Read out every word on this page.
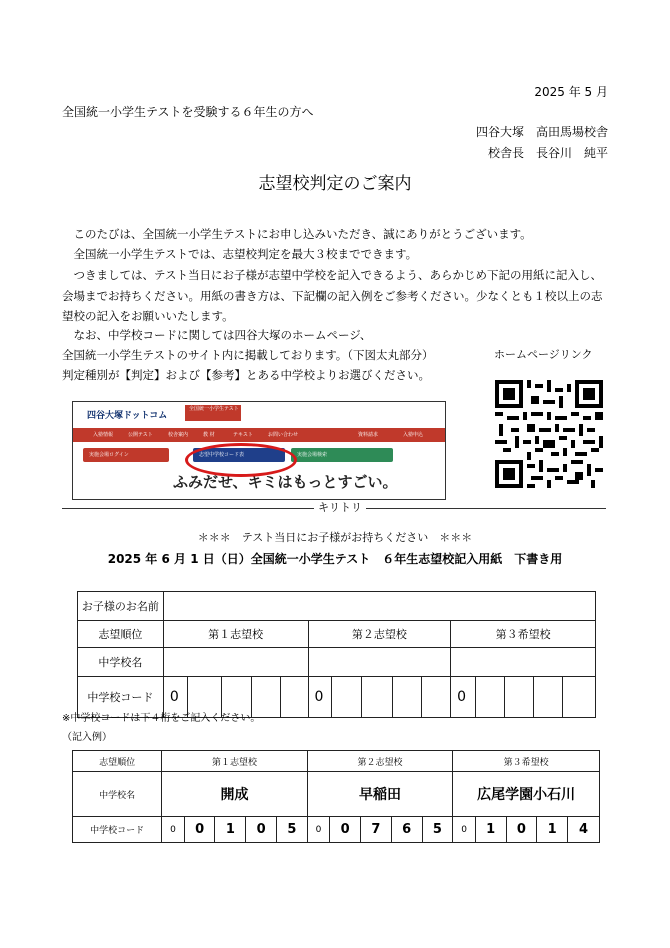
2025 年 5 月
全国統一小学生テストを受験する６年生の方へ
四谷大塚　高田馬場校舎
校舎長　長谷川　純平
志望校判定のご案内
　このたびは、全国統一小学生テストにお申し込みいただき、誠にありがとうございます。
　全国統一小学生テストでは、志望校判定を最大３校までできます。
　つきましては、テスト当日にお子様が志望中学校を記入できるよう、あらかじめ下記の用紙に記入し、
会場までお持ちください。用紙の書き方は、下記欄の記入例をご参考ください。少なくとも１校以上の志
望校の記入をお願いいたします。
　なお、中学校コードに関しては四谷大塚のホームページ、
全国統一小学生テストのサイト内に掲載しております。（下図太丸部分）
判定種別が【判定】および【参考】とある中学校よりお選びください。
ホームページリンク
四谷大塚ドットコム
全国統一小学生テスト
入塾情報	公開テスト	校舎案内	教 材	テキスト	お問い合わせ	資料請求	入塾申込
実施会場ログイン	志望中学校コード表	実施会場検索
ふみだせ、キミはもっとすごい。
キリトリ
＊＊＊　テスト当日にお子様がお持ちください　＊＊＊
2025 年 6 月 1 日（日）全国統一小学生テスト　６年生志望校記入用紙　下書き用
お子様のお名前															
志望順位	第１志望校					第２志望校					第３希望校				
中学校名															
中学校コード	0					0					0				
※中学校コードは下４桁をご記入ください。
（記入例）
志望順位	第１志望校					第２志望校					第３希望校				
中学校名	開成					早稲田					広尾学園小石川				
中学校コード	0	0	1	0	5	0	0	7	6	5	0	1	0	1	4
